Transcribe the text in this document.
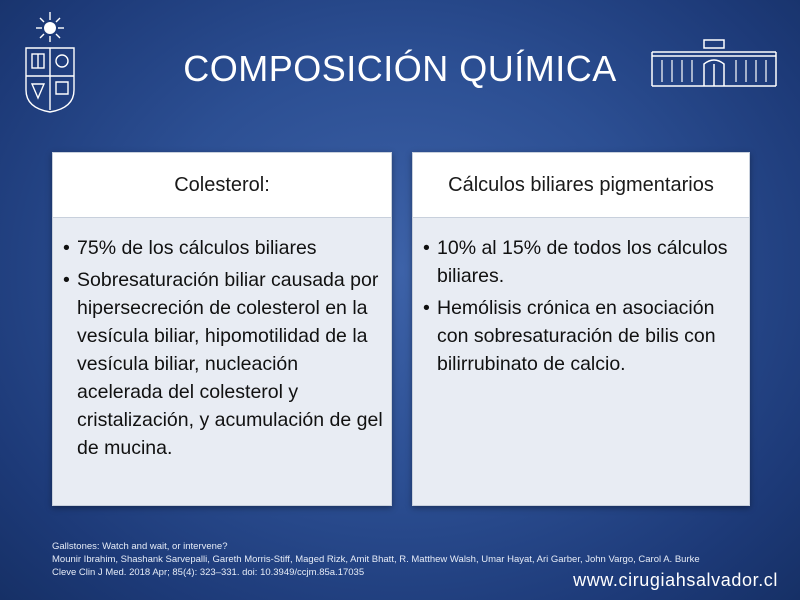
COMPOSICIÓN QUÍMICA
Colesterol:
• 75% de los cálculos biliares
• Sobresaturación biliar causada por hipersecreción de colesterol en la vesícula biliar, hipomotilidad de la vesícula biliar, nucleación acelerada del colesterol y cristalización, y acumulación de gel de mucina.
Cálculos biliares pigmentarios
• 10% al 15% de todos los cálculos biliares.
• Hemólisis crónica en asociación con sobresaturación de bilis con bilirrubinato de calcio.
Gallstones: Watch and wait, or intervene?
Mounir Ibrahim, Shashank Sarvepalli, Gareth Morris-Stiff, Maged Rizk, Amit Bhatt, R. Matthew Walsh, Umar Hayat, Ari Garber, John Vargo, Carol A. Burke
Cleve Clin J Med. 2018 Apr; 85(4): 323–331. doi: 10.3949/ccjm.85a.17035	www.cirugiahsalvador.cl
